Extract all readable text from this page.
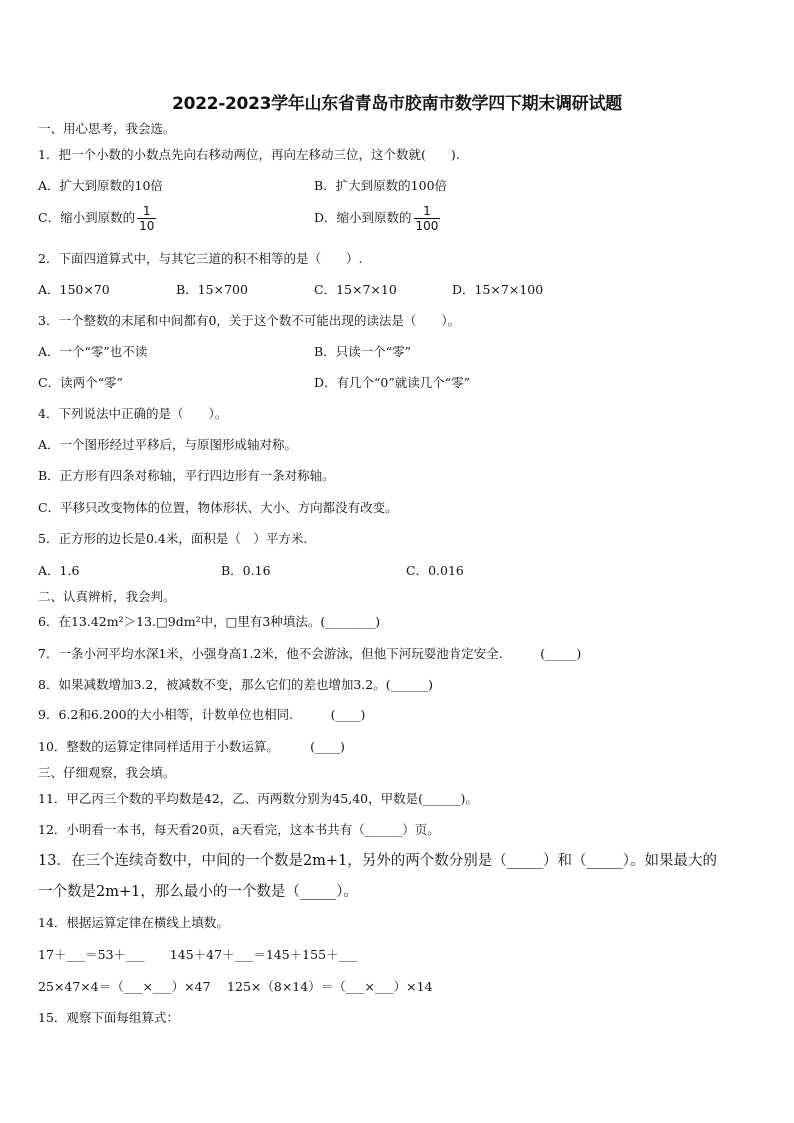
2022-2023学年山东省青岛市胶南市数学四下期末调研试题
一、用心思考，我会选。
1．把一个小数的小数点先向右移动两位，再向左移动三位，这个数就(　　).
A．扩大到原数的10倍	B．扩大到原数的100倍
C．缩小到原数的 $\frac{1}{10}$	D．缩小到原数的 $\frac{1}{100}$
2．下面四道算式中，与其它三道的积不相等的是（　　）.
A．150×70	B．15×700	C．15×7×10	D．15×7×100
3．一个整数的末尾和中间都有0，关于这个数不可能出现的读法是（　　）。
A．一个“零”也不读	B．只读一个“零”
C．读两个“零”	D．有几个“0”就读几个“零”
4．下列说法中正确的是（　　）。
A．一个图形经过平移后，与原图形成轴对称。
B．正方形有四条对称轴，平行四边形有一条对称轴。
C．平移只改变物体的位置，物体形状、大小、方向都没有改变。
5．正方形的边长是0.4米，面积是（　）平方米.
A．1.6	B．0.16	C．0.016
二、认真辨析，我会判。
6．在13.42m²＞13.□9dm²中，□里有3种填法。(________)
7．一条小河平均水深1米，小强身高1.2米，他不会游泳，但他下河玩耍池肯定安全.　　　(_____)
8．如果减数增加3.2，被减数不变，那么它们的差也增加3.2。(______)
9．6.2和6.200的大小相等，计数单位也相同.　　　(____)
10．整数的运算定律同样适用于小数运算。　　　(____)
三、仔细观察，我会填。
11．甲乙丙三个数的平均数是42，乙、丙两数分别为45,40，甲数是(______)。
12．小明看一本书，每天看20页，a天看完，这本书共有（______）页。
13．在三个连续奇数中，中间的一个数是2m+1，另外的两个数分别是（_____）和（_____）。如果最大的
一个数是2m+1，那么最小的一个数是（_____）。
14．根据运算定律在横线上填数。
17＋___＝53＋___　　145＋47＋___＝145＋155＋___
25×47×4＝（___×___）×47　 125×（8×14）＝（___×___）×14
15．观察下面每组算式：
